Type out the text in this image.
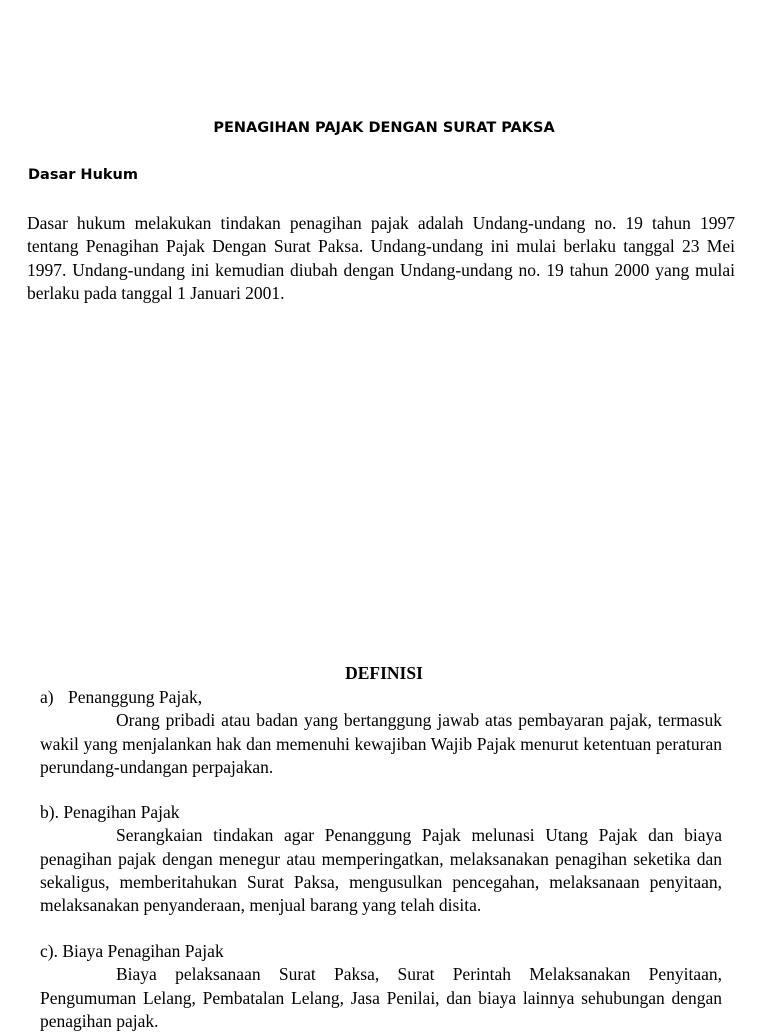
PENAGIHAN PAJAK DENGAN SURAT PAKSA
Dasar Hukum
Dasar hukum melakukan tindakan penagihan pajak adalah Undang-undang no. 19 tahun 1997 tentang Penagihan Pajak Dengan Surat Paksa. Undang-undang ini mulai berlaku tanggal 23 Mei 1997. Undang-undang ini kemudian diubah dengan Undang-undang no. 19 tahun 2000 yang mulai berlaku pada tanggal 1 Januari 2001.
DEFINISI

a) Penanggung Pajak,

Orang pribadi atau badan yang bertanggung jawab atas pembayaran pajak, termasuk wakil yang menjalankan hak dan memenuhi kewajiban Wajib Pajak menurut ketentuan peraturan perundang-undangan perpajakan.

b). Penagihan Pajak

Serangkaian tindakan agar Penanggung Pajak melunasi Utang Pajak dan biaya penagihan pajak dengan menegur atau memperingatkan, melaksanakan penagihan seketika dan sekaligus, memberitahukan Surat Paksa, mengusulkan pencegahan, melaksanaan penyitaan, melaksanakan penyanderaan, menjual barang yang telah disita.

c). Biaya Penagihan Pajak

Biaya pelaksanaan Surat Paksa, Surat Perintah Melaksanakan Penyitaan, Pengumuman Lelang, Pembatalan Lelang, Jasa Penilai, dan biaya lainnya sehubungan dengan penagihan pajak.
